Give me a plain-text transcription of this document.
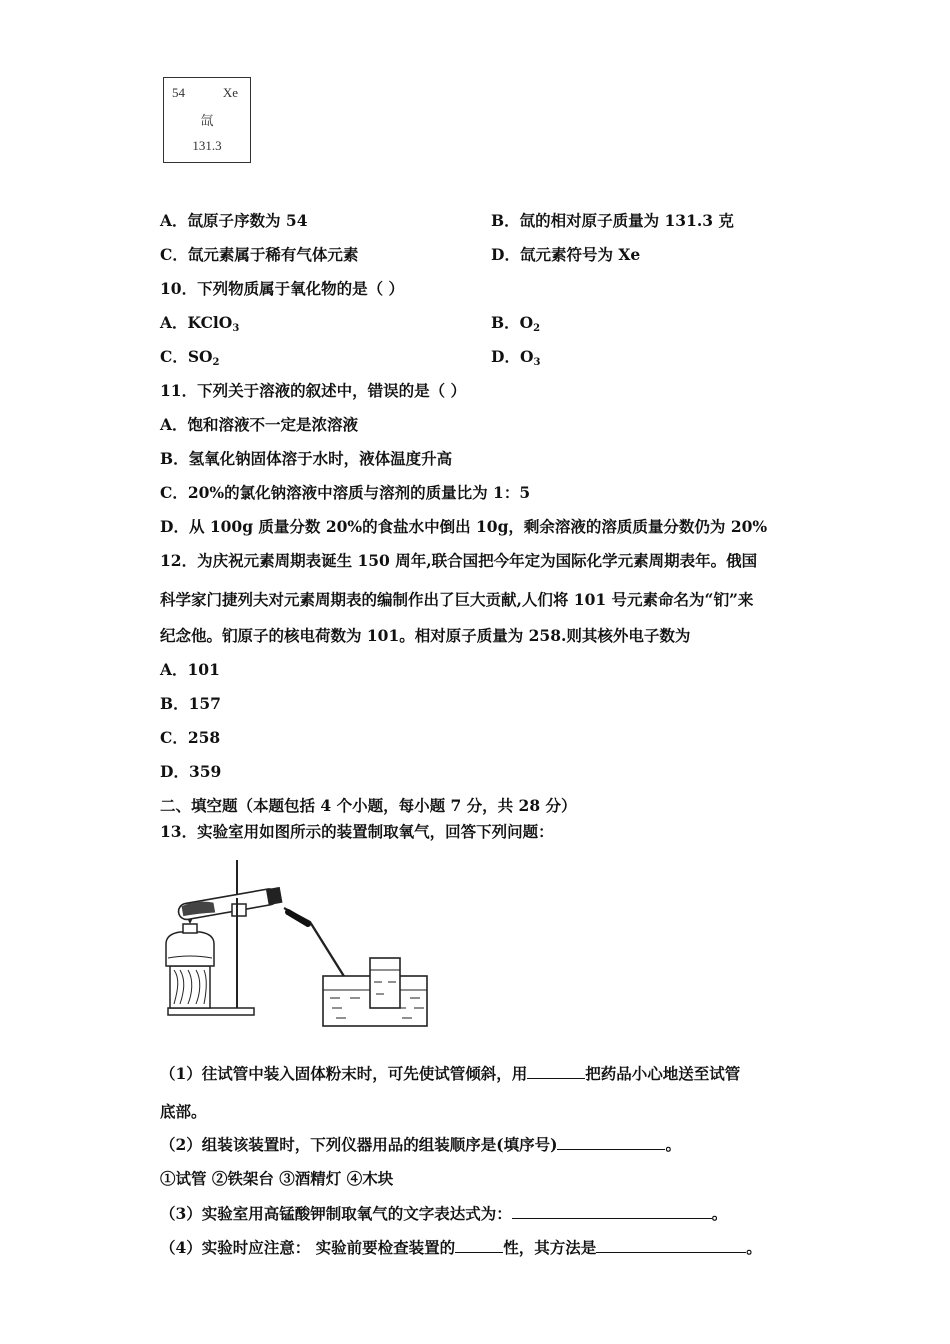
54	Xe
氙
131.3
A．氙原子序数为 54	B．氙的相对原子质量为 131.3 克
C．氙元素属于稀有气体元素	D．氙元素符号为 Xe
10．下列物质属于氧化物的是（ ）
A．KClO$_3$	B．$O_2$
C．$SO_2$	D．$O_3$
11．下列关于溶液的叙述中，错误的是（ ）
A．饱和溶液不一定是浓溶液
B．氢氧化钠固体溶于水时，液体温度升高
C．20%的氯化钠溶液中溶质与溶剂的质量比为 1：5
D．从 100g 质量分数 20%的食盐水中倒出 10g，剩余溶液的溶质质量分数仍为 20%
12．为庆祝元素周期表诞生 150 周年,联合国把今年定为国际化学元素周期表年。俄国
科学家门捷列夫对元素周期表的编制作出了巨大贡献,人们将 101 号元素命名为“钔”来
纪念他。钔原子的核电荷数为 101。相对原子质量为 258.则其核外电子数为
A．101
B．157
C．258
D．359
二、填空题（本题包括 4 个小题，每小题 7 分，共 28 分）
13．实验室用如图所示的装置制取氧气，回答下列问题：
（1）往试管中装入固体粉末时，可先使试管倾斜，用	把药品小心地送至试管
底部。
（2）组装该装置时，下列仪器用品的组装顺序是(填序号)	。
①试管 ②铁架台 ③酒精灯 ④木块
（3）实验室用高锰酸钾制取氧气的文字表达式为：	。
（4）实验时应注意： 实验前要检查装置的	性，其方法是	。
